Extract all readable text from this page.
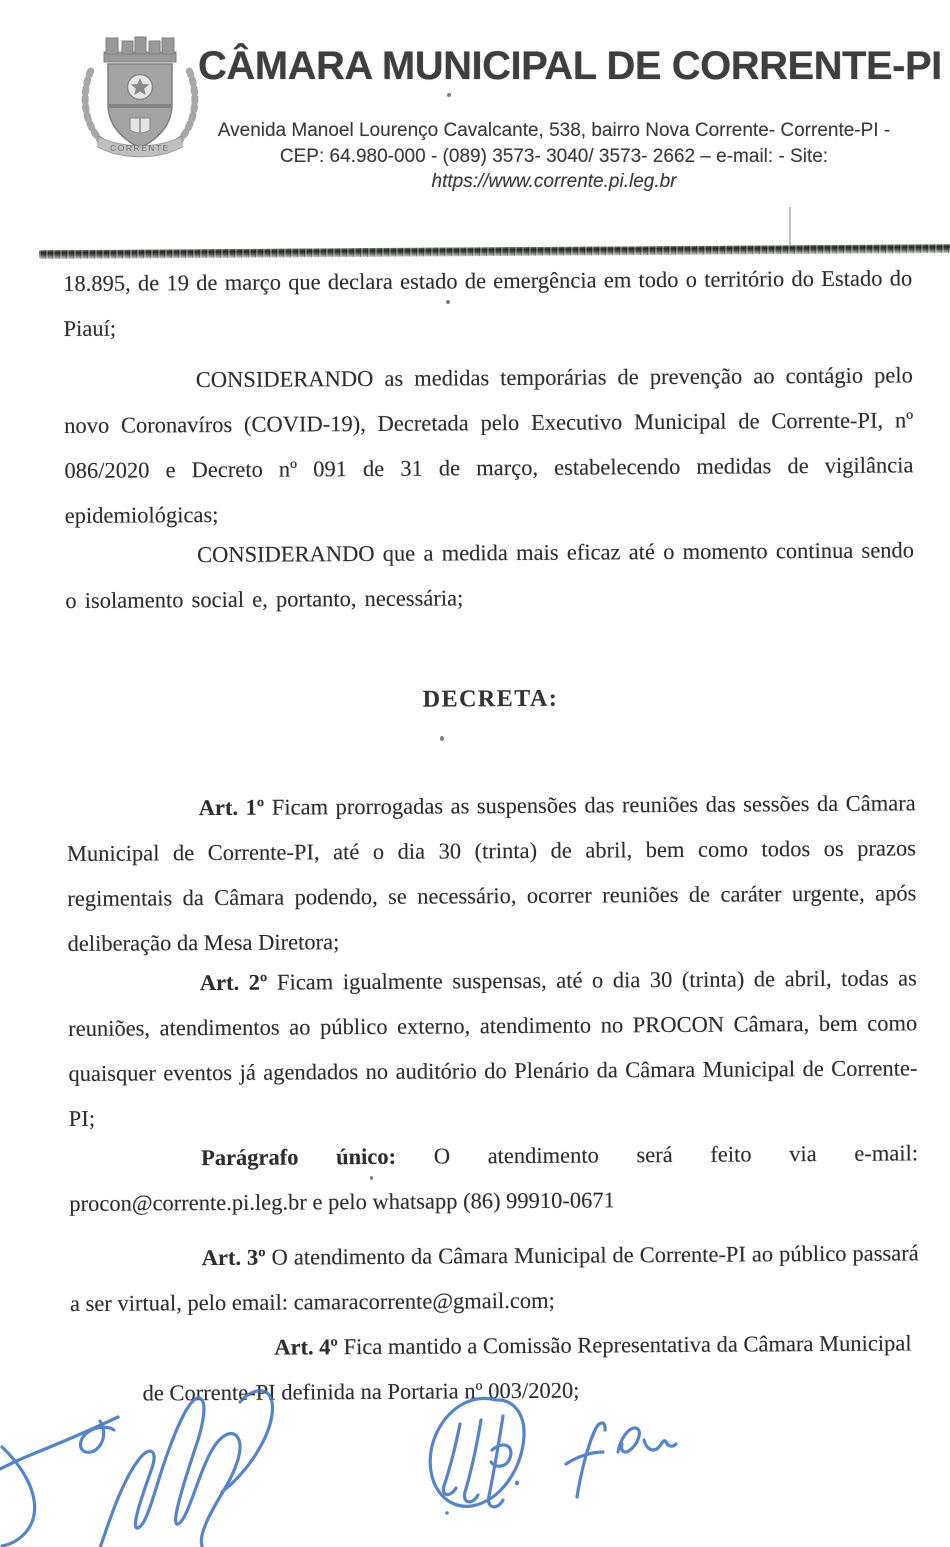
CORRENTE
CÂMARA MUNICIPAL DE CORRENTE-PI
Avenida Manoel Lourenço Cavalcante, 538, bairro Nova Corrente- Corrente-PI -
CEP: 64.980-000 - (089) 3573- 3040/ 3573- 2662 – e-mail: - Site:
https://www.corrente.pi.leg.br

18.895, de 19 de março que declara estado de emergência em todo o território do Estado do Piauí;

CONSIDERANDO as medidas temporárias de prevenção ao contágio pelo novo Coronavíros (COVID-19), Decretada pelo Executivo Municipal de Corrente-PI, nº 086/2020 e Decreto nº 091 de 31 de março, estabelecendo medidas de vigilância epidemiológicas;

CONSIDERANDO que a medida mais eficaz até o momento continua sendo o isolamento social e, portanto, necessária;

DECRETA:

Art. 1º Ficam prorrogadas as suspensões das reuniões das sessões da Câmara Municipal de Corrente-PI, até o dia 30 (trinta) de abril, bem como todos os prazos regimentais da Câmara podendo, se necessário, ocorrer reuniões de caráter urgente, após deliberação da Mesa Diretora;

Art. 2º Ficam igualmente suspensas, até o dia 30 (trinta) de abril, todas as reuniões, atendimentos ao público externo, atendimento no PROCON Câmara, bem como quaisquer eventos já agendados no auditório do Plenário da Câmara Municipal de Corrente-PI;

Parágrafo único: O atendimento será feito via e-mail: procon@corrente.pi.leg.br e pelo whatsapp (86) 99910-0671

Art. 3º O atendimento da Câmara Municipal de Corrente-PI ao público passará a ser virtual, pelo email: camaracorrente@gmail.com;

Art. 4º Fica mantido a Comissão Representativa da Câmara Municipal de Corrente-PI definida na Portaria nº 003/2020;
